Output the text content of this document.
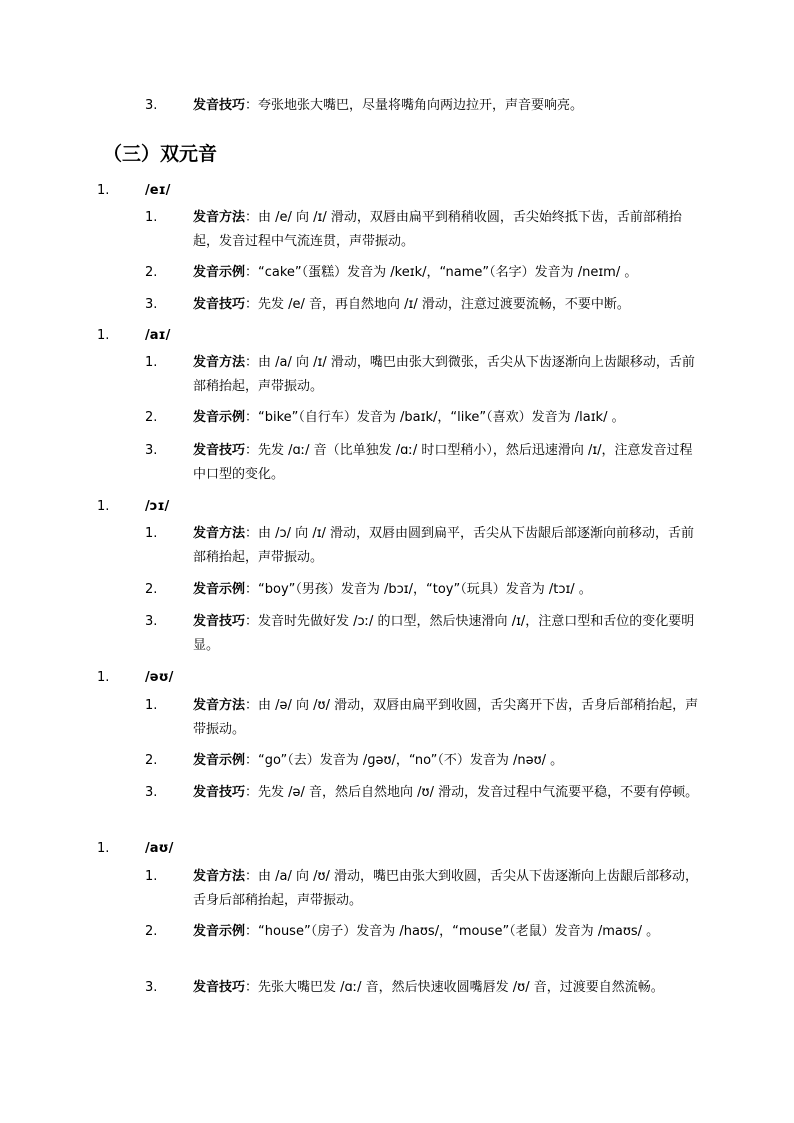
3.	发音技巧：夸张地张大嘴巴，尽量将嘴角向两边拉开，声音要响亮。
（三）双元音
1.	/eɪ/
1.	发音方法：由 /e/ 向 /ɪ/ 滑动，双唇由扁平到稍稍收圆，舌尖始终抵下齿，舌前部稍抬起，发音过程中气流连贯，声带振动。
2.	发音示例：“cake”（蛋糕）发音为 /keɪk/，“name”（名字）发音为 /neɪm/ 。
3.	发音技巧：先发 /e/ 音，再自然地向 /ɪ/ 滑动，注意过渡要流畅，不要中断。
1.	/aɪ/
1.	发音方法：由 /a/ 向 /ɪ/ 滑动，嘴巴由张大到微张，舌尖从下齿逐渐向上齿龈移动，舌前部稍抬起，声带振动。
2.	发音示例：“bike”（自行车）发音为 /baɪk/，“like”（喜欢）发音为 /laɪk/ 。
3.	发音技巧：先发 /ɑː/ 音（比单独发 /ɑː/ 时口型稍小），然后迅速滑向 /ɪ/，注意发音过程中口型的变化。
1.	/ɔɪ/
1.	发音方法：由 /ɔ/ 向 /ɪ/ 滑动，双唇由圆到扁平，舌尖从下齿龈后部逐渐向前移动，舌前部稍抬起，声带振动。
2.	发音示例：“boy”（男孩）发音为 /bɔɪ/，“toy”（玩具）发音为 /tɔɪ/ 。
3.	发音技巧：发音时先做好发 /ɔː/ 的口型，然后快速滑向 /ɪ/，注意口型和舌位的变化要明显。
1.	/əʊ/
1.	发音方法：由 /ə/ 向 /ʊ/ 滑动，双唇由扁平到收圆，舌尖离开下齿，舌身后部稍抬起，声带振动。
2.	发音示例：“go”（去）发音为 /ɡəʊ/，“no”（不）发音为 /nəʊ/ 。
3.	发音技巧：先发 /ə/ 音，然后自然地向 /ʊ/ 滑动，发音过程中气流要平稳，不要有停顿。
1.	/aʊ/
1.	发音方法：由 /a/ 向 /ʊ/ 滑动，嘴巴由张大到收圆，舌尖从下齿逐渐向上齿龈后部移动，舌身后部稍抬起，声带振动。
2.	发音示例：“house”（房子）发音为 /haʊs/，“mouse”（老鼠）发音为 /maʊs/ 。
3.	发音技巧：先张大嘴巴发 /ɑː/ 音，然后快速收圆嘴唇发 /ʊ/ 音，过渡要自然流畅。
